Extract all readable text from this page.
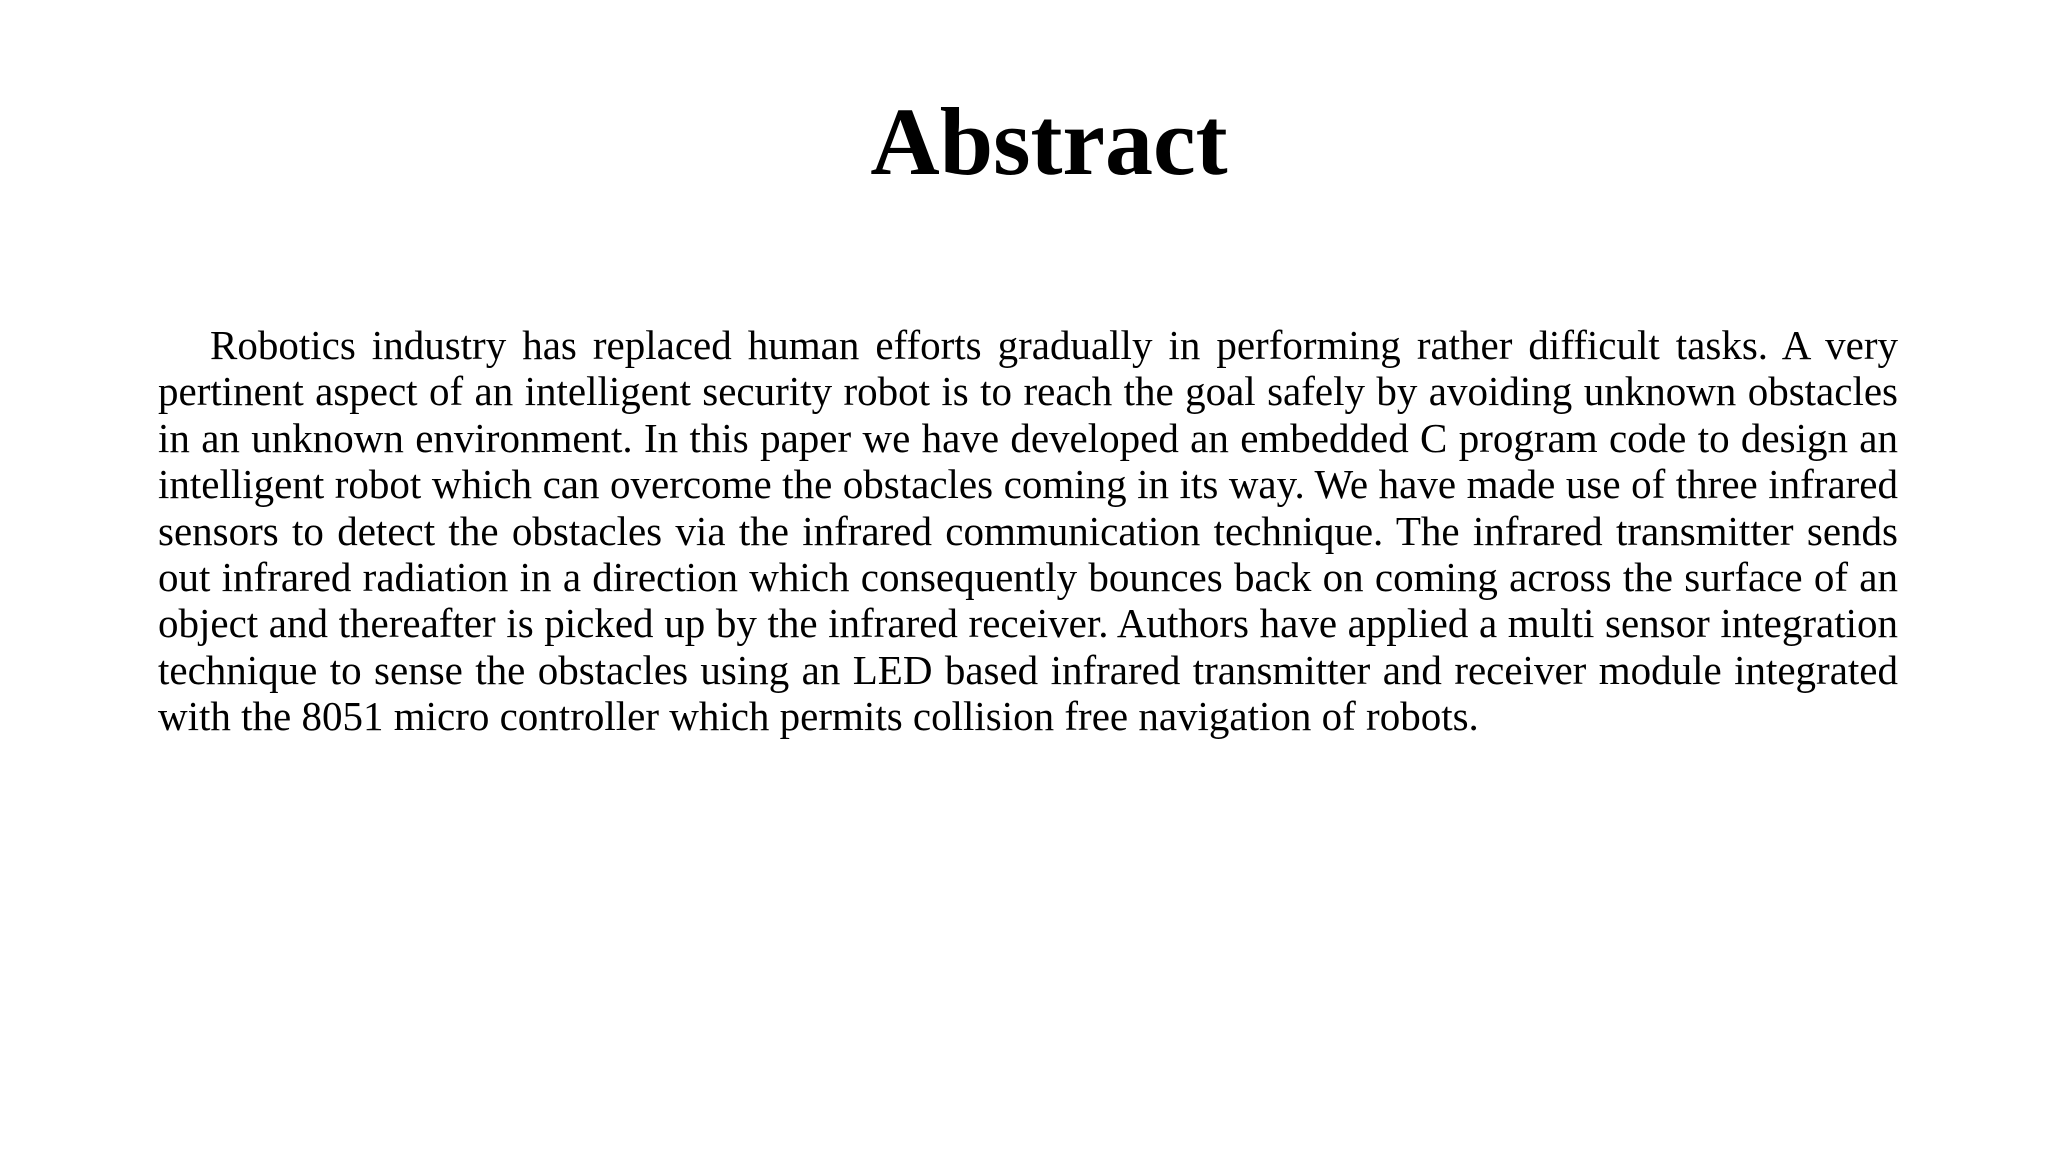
Abstract

Robotics industry has replaced human efforts gradually in performing rather difficult tasks. A very pertinent aspect of an intelligent security robot is to reach the goal safely by avoiding unknown obstacles in an unknown environment. In this paper we have developed an embedded C program code to design an intelligent robot which can overcome the obstacles coming in its way. We have made use of three infrared sensors to detect the obstacles via the infrared communication technique. The infrared transmitter sends out infrared radiation in a direction which consequently bounces back on coming across the surface of an object and thereafter is picked up by the infrared receiver. Authors have applied a multi sensor integration technique to sense the obstacles using an LED based infrared transmitter and receiver module integrated with the 8051 micro controller which permits collision free navigation of robots.
